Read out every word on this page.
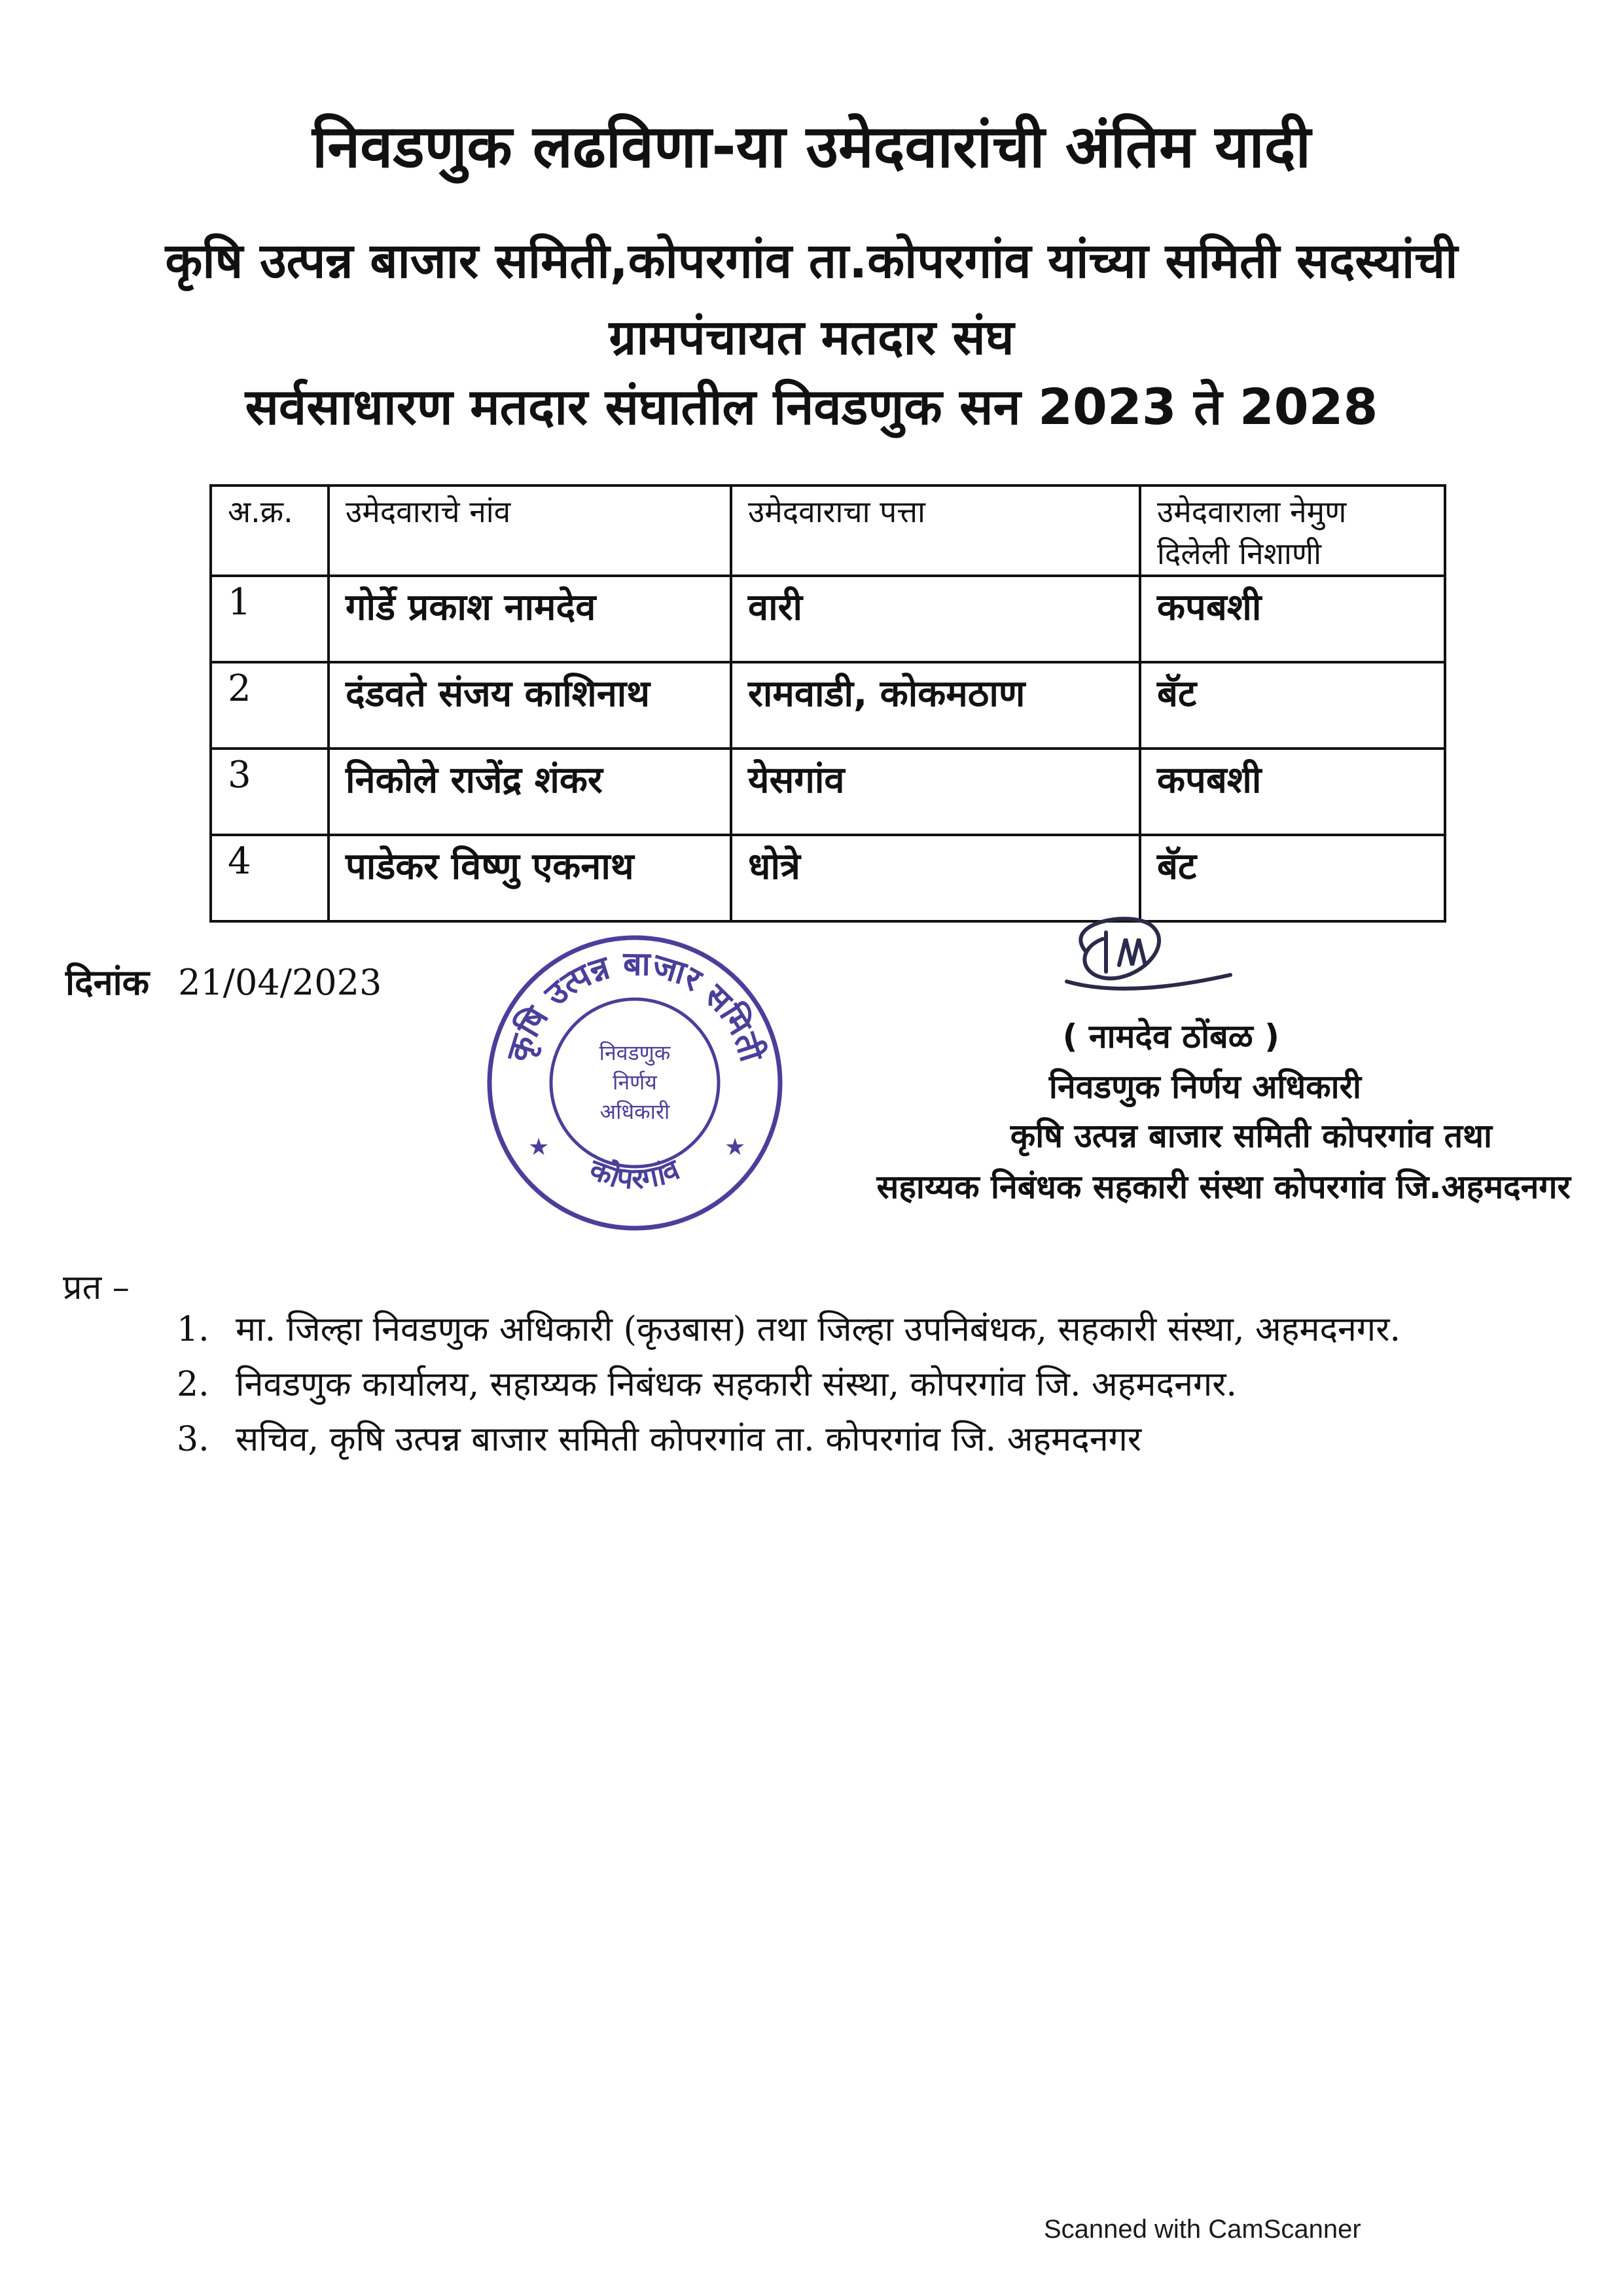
निवडणुक लढविणा-या उमेदवारांची अंतिम यादी
कृषि उत्पन्न बाजार समिती,कोपरगांव ता.कोपरगांव यांच्या समिती सदस्यांची
ग्रामपंचायत मतदार संघ
सर्वसाधारण मतदार संघातील निवडणुक सन 2023 ते 2028
अ.क्र.	उमेदवाराचे नांव	उमेदवाराचा पत्ता	उमेदवाराला नेमुण दिलेली निशाणी
1	गोर्डे प्रकाश नामदेव	वारी	कपबशी
2	दंडवते संजय काशिनाथ	रामवाडी, कोकमठाण	बॅट
3	निकोले राजेंद्र शंकर	येसगांव	कपबशी
4	पाडेकर विष्णु एकनाथ	धोत्रे	बॅट
दिनांक 21/04/2023
कृषि उत्पन्न बाजार समिती
कोपरगांव
निवडणुक
निर्णय
अधिकारी
★	★
( नामदेव ठोंबळ )
निवडणुक निर्णय अधिकारी
कृषि उत्पन्न बाजार समिती कोपरगांव तथा
सहाय्यक निबंधक सहकारी संस्था कोपरगांव जि.अहमदनगर
प्रत –
1. मा. जिल्हा निवडणुक अधिकारी (कृउबास) तथा जिल्हा उपनिबंधक, सहकारी संस्था, अहमदनगर.
2. निवडणुक कार्यालय, सहाय्यक निबंधक सहकारी संस्था, कोपरगांव जि. अहमदनगर.
3. सचिव, कृषि उत्पन्न बाजार समिती कोपरगांव ता. कोपरगांव जि. अहमदनगर
Scanned with CamScanner
